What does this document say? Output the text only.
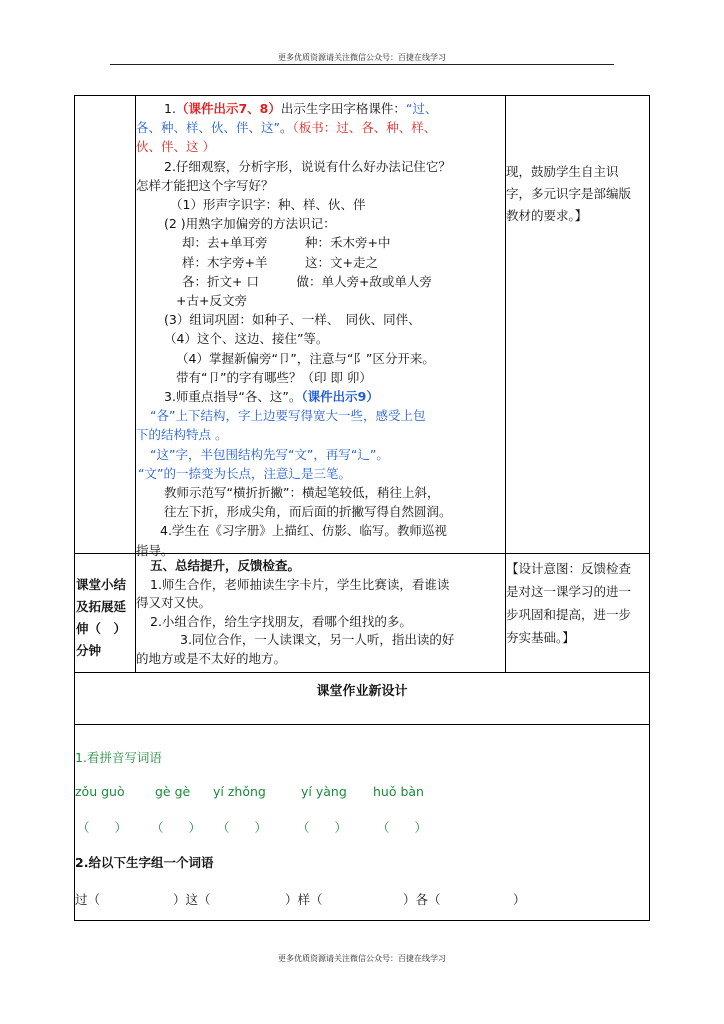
更多优质资源请关注微信公众号：百捷在线学习
1.（课件出示7、8）出示生字田字格课件：“过、
各、种、样、伙、伴、这”。（板书：过、各、种、样、
伙、伴、这 ）
2.仔细观察，分析字形，说说有什么好办法记住它？
怎样才能把这个字写好？
（1）形声字识字：种、样、伙、伴
(2 )用熟字加偏旁的方法识记：
却：去+单耳旁　　　种：禾木旁+中
样：木字旁+羊　　　这：文+走之
各：折文+ 口　　　做：单人旁+敌或单人旁
+古+反文旁
(3）组词巩固：如种子、一样、　同伙、同伴、
（4）这个、这边、接住”等。
（4）掌握新偏旁“卩”，注意与“阝”区分开来。
带有“卩”的字有哪些？（印 即 卯）
3.师重点指导“各、这”。（课件出示9）
“各”上下结构，字上边要写得宽大一些，感受上包
下的结构特点 。
“这”字，半包围结构先写“文”，再写“辶”。
“文”的一捺变为长点，注意辶是三笔。
教师示范写“横折折撇”：横起笔较低，稍往上斜，
往左下折，形成尖角，而后面的折撇写得自然圆润。
4.学生在《习字册》上描红、仿影、临写。教师巡视
指导。
现，鼓励学生自主识
字，多元识字是部编版
教材的要求。】
课堂小结
及拓展延
伸（　）
分钟
五、总结提升，反馈检查。
1.师生合作，老师抽读生字卡片，学生比赛读，看谁读
得又对又快。
2.小组合作，给生字找朋友，看哪个组找的多。
3.同位合作，一人读课文，另一人听，指出读的好
的地方或是不太好的地方。
【设计意图：反馈检查
是对这一课学习的进一
步巩固和提高，进一步
夯实基础。】
课堂作业新设计
1.看拼音写词语
zǒu guò gè gè yí zhǒng	yí yàng huǒ bàn
（　　） （　　） （　　） （　　） （　　）
2.给以下生字组一个词语
过（	）这（	）样（	）各（	）
更多优质资源请关注微信公众号：百捷在线学习
